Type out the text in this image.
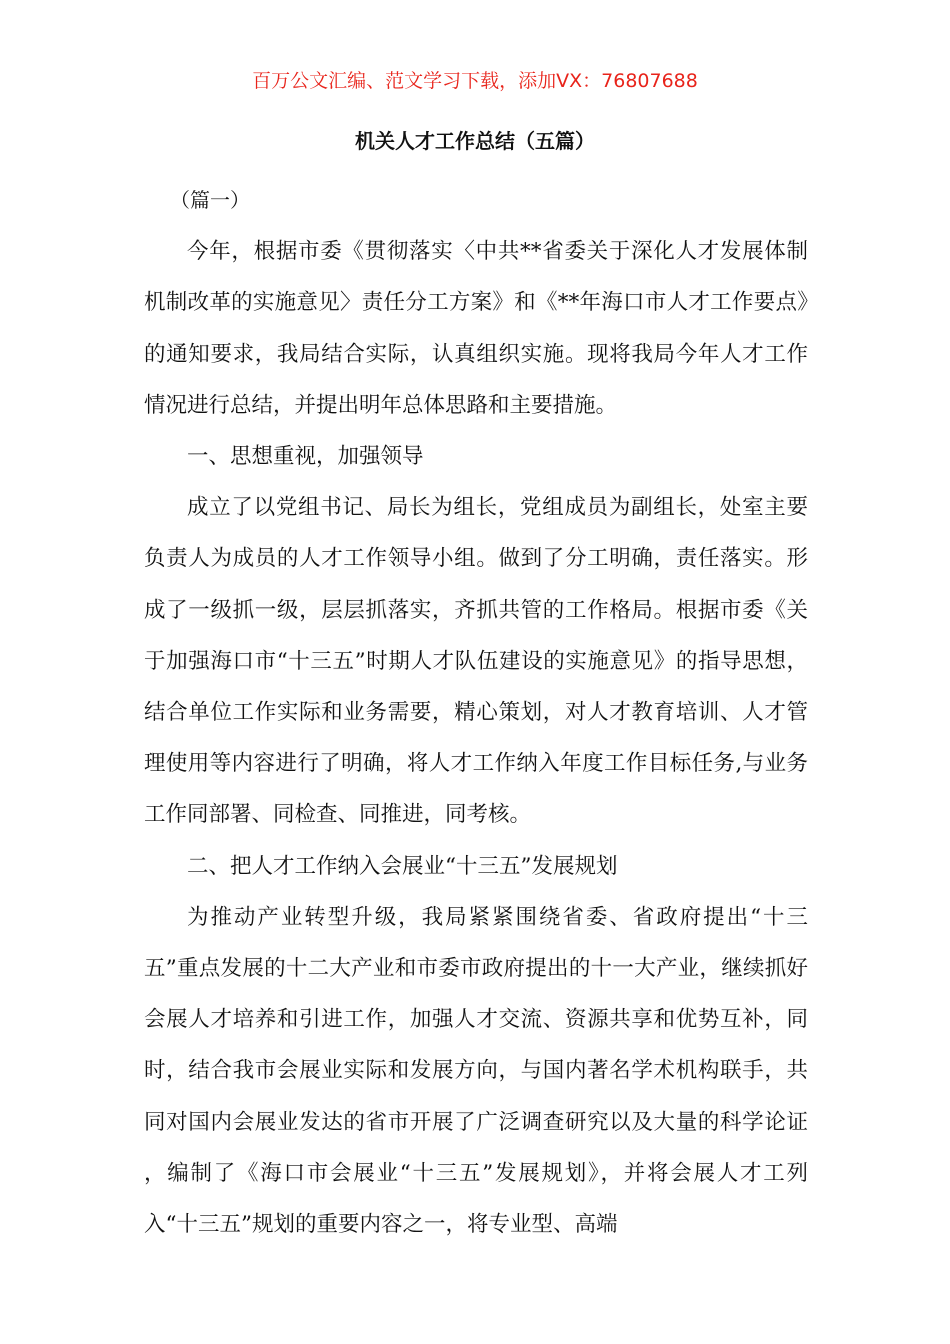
百万公文汇编、范文学习下载，添加VX：76807688
机关人才工作总结（五篇）

（篇一）

今年，根据市委《贯彻落实〈中共**省委关于深化人才发展体制机制改革的实施意见〉责任分工方案》和《**年海口市人才工作要点》的通知要求，我局结合实际，认真组织实施。现将我局今年人才工作情况进行总结，并提出明年总体思路和主要措施。

一、思想重视，加强领导

成立了以党组书记、局长为组长，党组成员为副组长，处室主要负责人为成员的人才工作领导小组。做到了分工明确，责任落实。形成了一级抓一级，层层抓落实，齐抓共管的工作格局。根据市委《关于加强海口市“十三五”时期人才队伍建设的实施意见》的指导思想，结合单位工作实际和业务需要，精心策划，对人才教育培训、人才管理使用等内容进行了明确，将人才工作纳入年度工作目标任务,与业务工作同部署、同检查、同推进，同考核。

二、把人才工作纳入会展业“十三五”发展规划

为推动产业转型升级，我局紧紧围绕省委、省政府提出“十三五”重点发展的十二大产业和市委市政府提出的十一大产业，继续抓好会展人才培养和引进工作，加强人才交流、资源共享和优势互补，同时，结合我市会展业实际和发展方向，与国内著名学术机构联手，共同对国内会展业发达的省市开展了广泛调查研究以及大量的科学论证 ，编制了《海口市会展业“十三五”发展规划》，并将会展人才工列入“十三五”规划的重要内容之一，将专业型、高端
